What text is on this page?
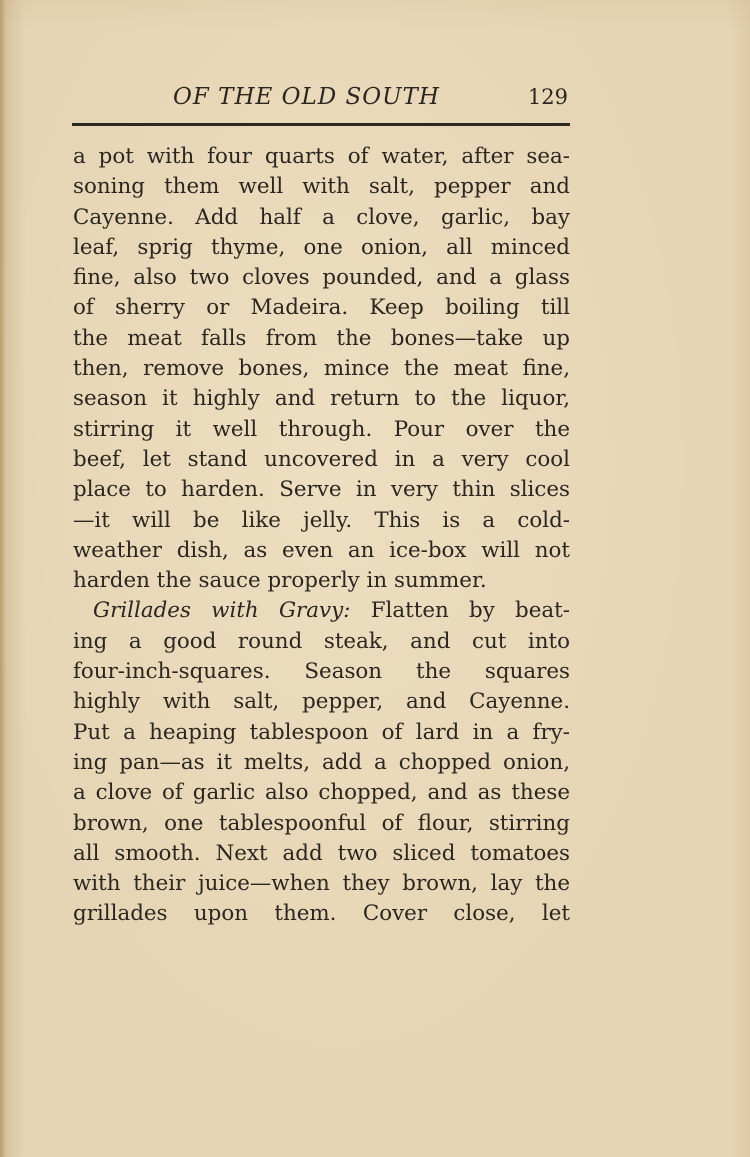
OF THE OLD SOUTH	129
a pot with four quarts of water, after sea-
soning them well with salt, pepper and
Cayenne. Add half a clove, garlic, bay
leaf, sprig thyme, one onion, all minced
fine, also two cloves pounded, and a glass
of sherry or Madeira. Keep boiling till
the meat falls from the bones—take up
then, remove bones, mince the meat fine,
season it highly and return to the liquor,
stirring it well through. Pour over the
beef, let stand uncovered in a very cool
place to harden. Serve in very thin slices
—it will be like jelly. This is a cold-
weather dish, as even an ice-box will not
harden the sauce properly in summer.
Grillades with Gravy: Flatten by beat-
ing a good round steak, and cut into
four-inch-squares. Season the squares
highly with salt, pepper, and Cayenne.
Put a heaping tablespoon of lard in a fry-
ing pan—as it melts, add a chopped onion,
a clove of garlic also chopped, and as these
brown, one tablespoonful of flour, stirring
all smooth. Next add two sliced tomatoes
with their juice—when they brown, lay the
grillades upon them. Cover close, let
